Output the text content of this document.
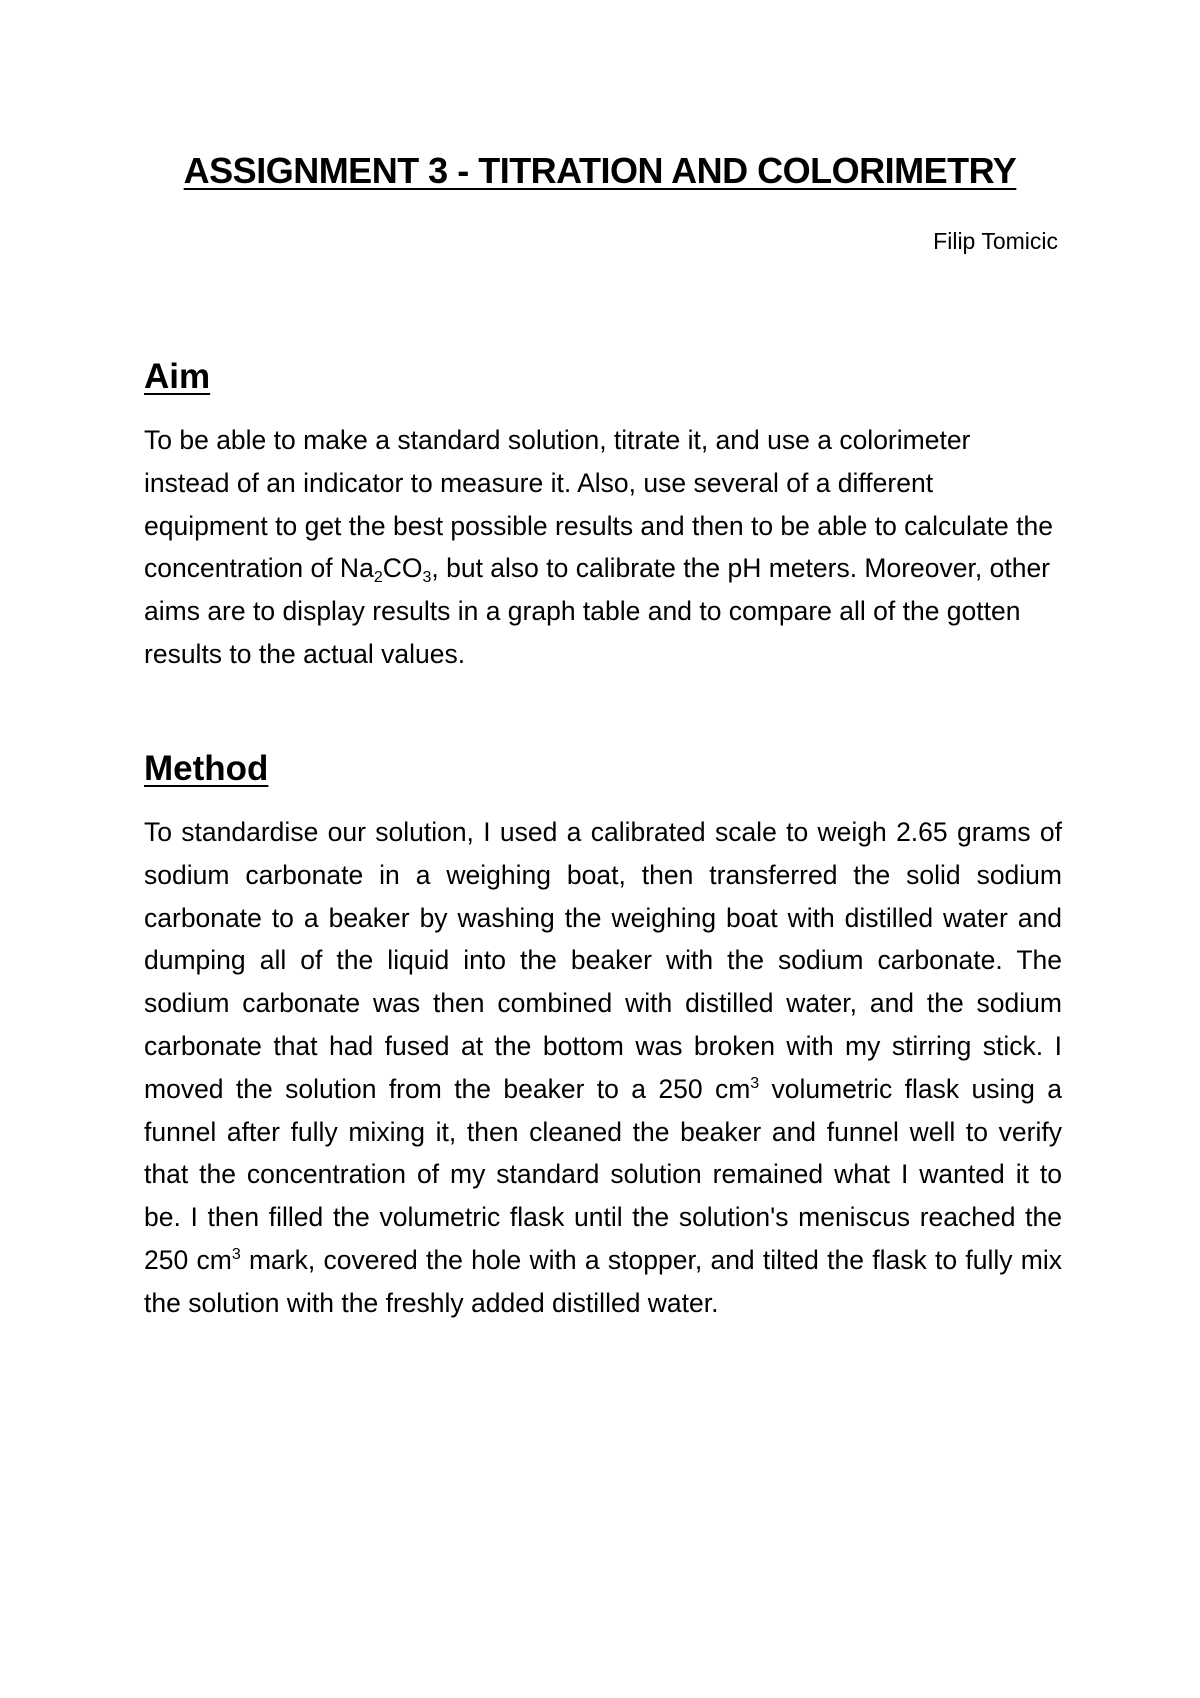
ASSIGNMENT 3 - TITRATION AND COLORIMETRY
Filip Tomicic
Aim

To be able to make a standard solution, titrate it, and use a colorimeter instead of an indicator to measure it. Also, use several of a different equipment to get the best possible results and then to be able to calculate the concentration of $Na_2CO_3$, but also to calibrate the pH meters. Moreover, other aims are to display results in a graph table and to compare all of the gotten results to the actual values.

Method

To standardise our solution, I used a calibrated scale to weigh 2.65 grams of sodium carbonate in a weighing boat, then transferred the solid sodium carbonate to a beaker by washing the weighing boat with distilled water and dumping all of the liquid into the beaker with the sodium carbonate. The sodium carbonate was then combined with distilled water, and the sodium carbonate that had fused at the bottom was broken with my stirring stick. I moved the solution from the beaker to a 250 $cm^3$ volumetric flask using a funnel after fully mixing it, then cleaned the beaker and funnel well to verify that the concentration of my standard solution remained what I wanted it to be. I then filled the volumetric flask until the solution's meniscus reached the 250 $cm^3$ mark, covered the hole with a stopper, and tilted the flask to fully mix the solution with the freshly added distilled water.
